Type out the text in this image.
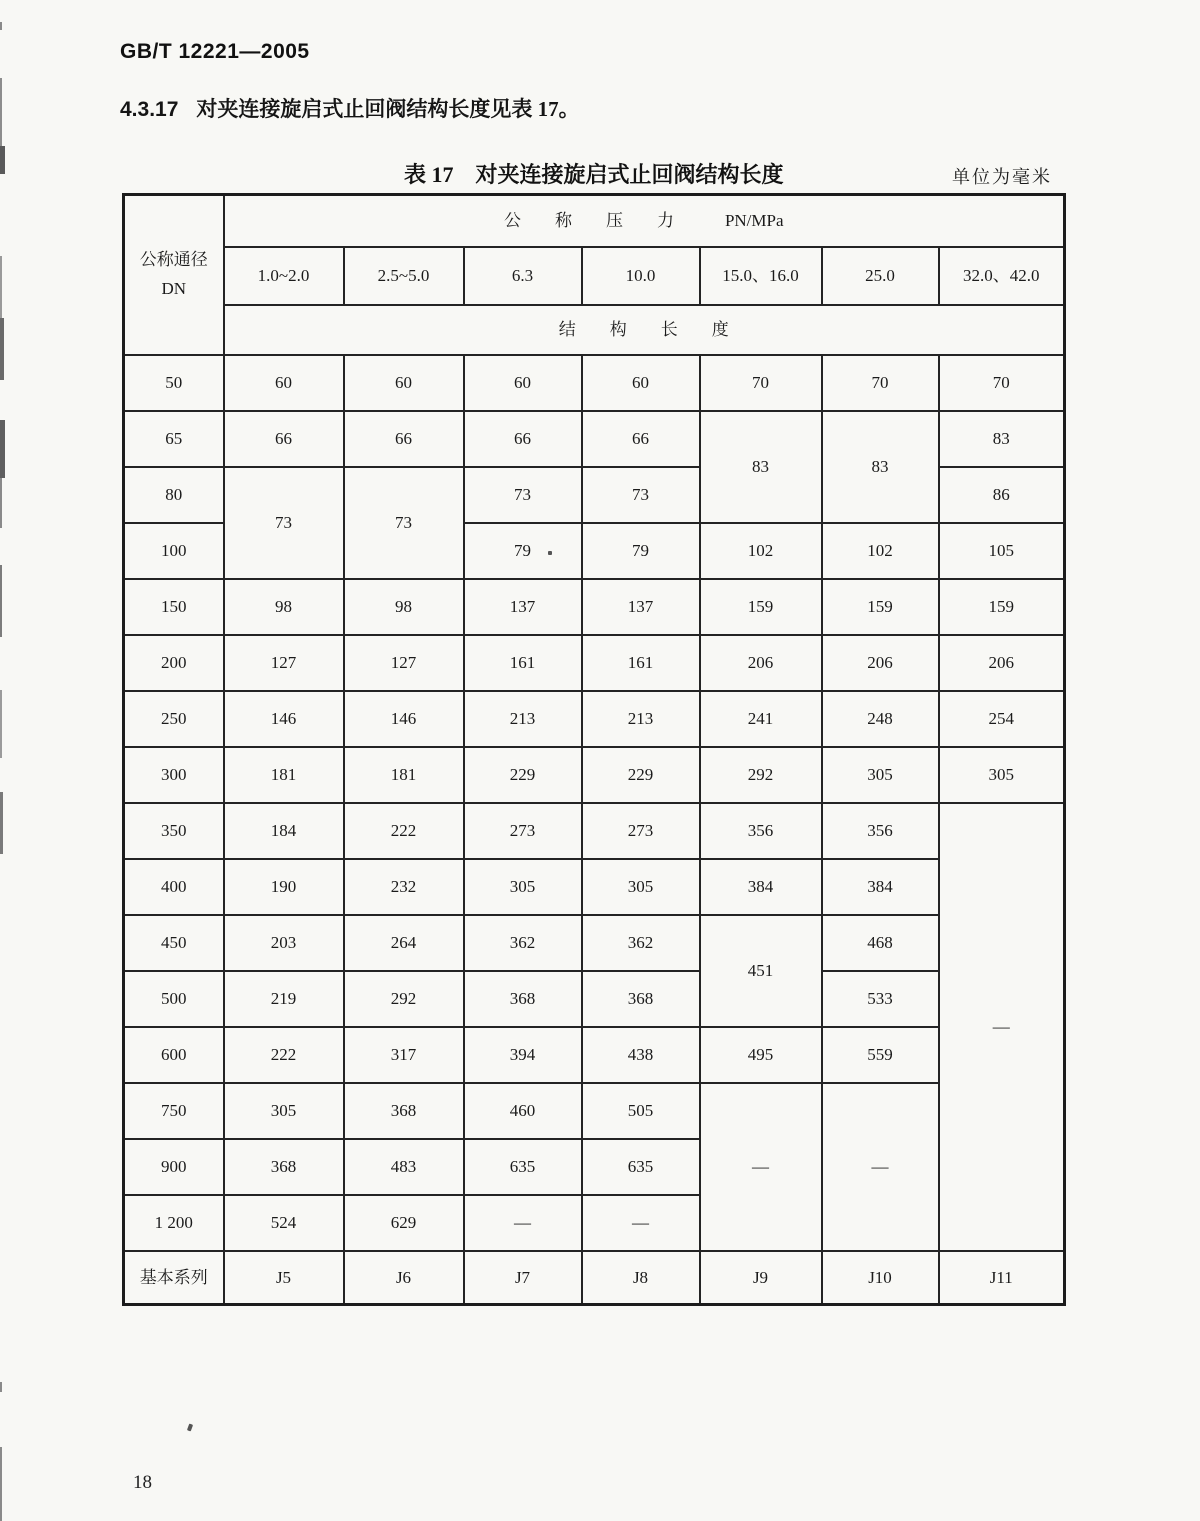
GB/T 12221—2005
4.3.17 对夹连接旋启式止回阀结构长度见表 17。
表 17　对夹连接旋启式止回阀结构长度	单位为毫米
公称通径
DN	公　　称　　压　　力　　　PN/MPa						
	1.0~2.0	2.5~5.0	6.3	10.0	15.0、16.0	25.0	32.0、42.0
	结　　构　　长　　度						
50	60	60	60	60	70	70	70
65	66	66	66	66	83	83	83
80	73	73	73	73			86
100			79	79	102	102	105
150	98	98	137	137	159	159	159
200	127	127	161	161	206	206	206
250	146	146	213	213	241	248	254
300	181	181	229	229	292	305	305
350	184	222	273	273	356	356	—
400	190	232	305	305	384	384	
450	203	264	362	362	451	468	
500	219	292	368	368		533	
600	222	317	394	438	495	559	
750	305	368	460	505	—	—	
900	368	483	635	635			
1 200	524	629	—	—			
基本系列	J5	J6	J7	J8	J9	J10	J11
18
